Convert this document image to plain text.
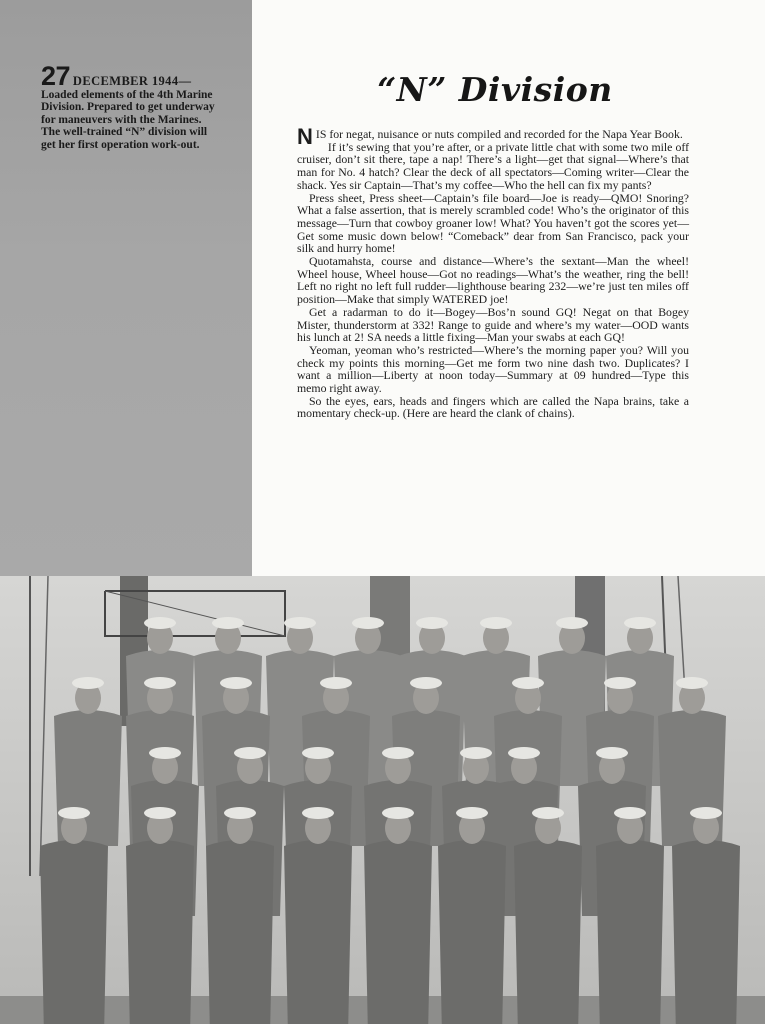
27 DECEMBER 1944—
Loaded elements of the 4th Marine Division. Prepared to get underway for maneuvers with the Marines. The well-trained “N” division will get her first operation work-out.
“N” Division

N IS for negat, nuisance or nuts compiled and recorded for the Napa Year Book.

If it’s sewing that you’re after, or a private little chat with some two mile off cruiser, don’t sit there, tape a nap! There’s a light—get that signal—Where’s that man for No. 4 hatch? Clear the deck of all spectators—Coming writer—Clear the shack. Yes sir Captain—That’s my coffee—Who the hell can fix my pants?

Press sheet, Press sheet—Captain’s file board—Joe is ready—QMO! Snoring? What a false assertion, that is merely scrambled code! Who’s the originator of this message—Turn that cowboy groaner low! What? You haven’t got the scores yet—Get some music down below! “Comeback” dear from San Francisco, pack your silk and hurry home!

Quotamahsta, course and distance—Where’s the sextant—Man the wheel! Wheel house, Wheel house—Got no readings—What’s the weather, ring the bell! Left no right no left full rudder—lighthouse bearing 232—we’re just ten miles off position—Make that simply WATERED joe!

Get a radarman to do it—Bogey—Bos’n sound GQ! Negat on that Bogey Mister, thunderstorm at 332! Range to guide and where’s my water—OOD wants his lunch at 2! SA needs a little fixing—Man your swabs at each GQ!

Yeoman, yeoman who’s restricted—Where’s the morning paper you? Will you check my points this morning—Get me form two nine dash two. Duplicates? I want a million—Liberty at noon today—Summary at 09 hundred—Type this memo right away.

So the eyes, ears, heads and fingers which are called the Napa brains, take a momentary check-up. (Here are heard the clank of chains).
